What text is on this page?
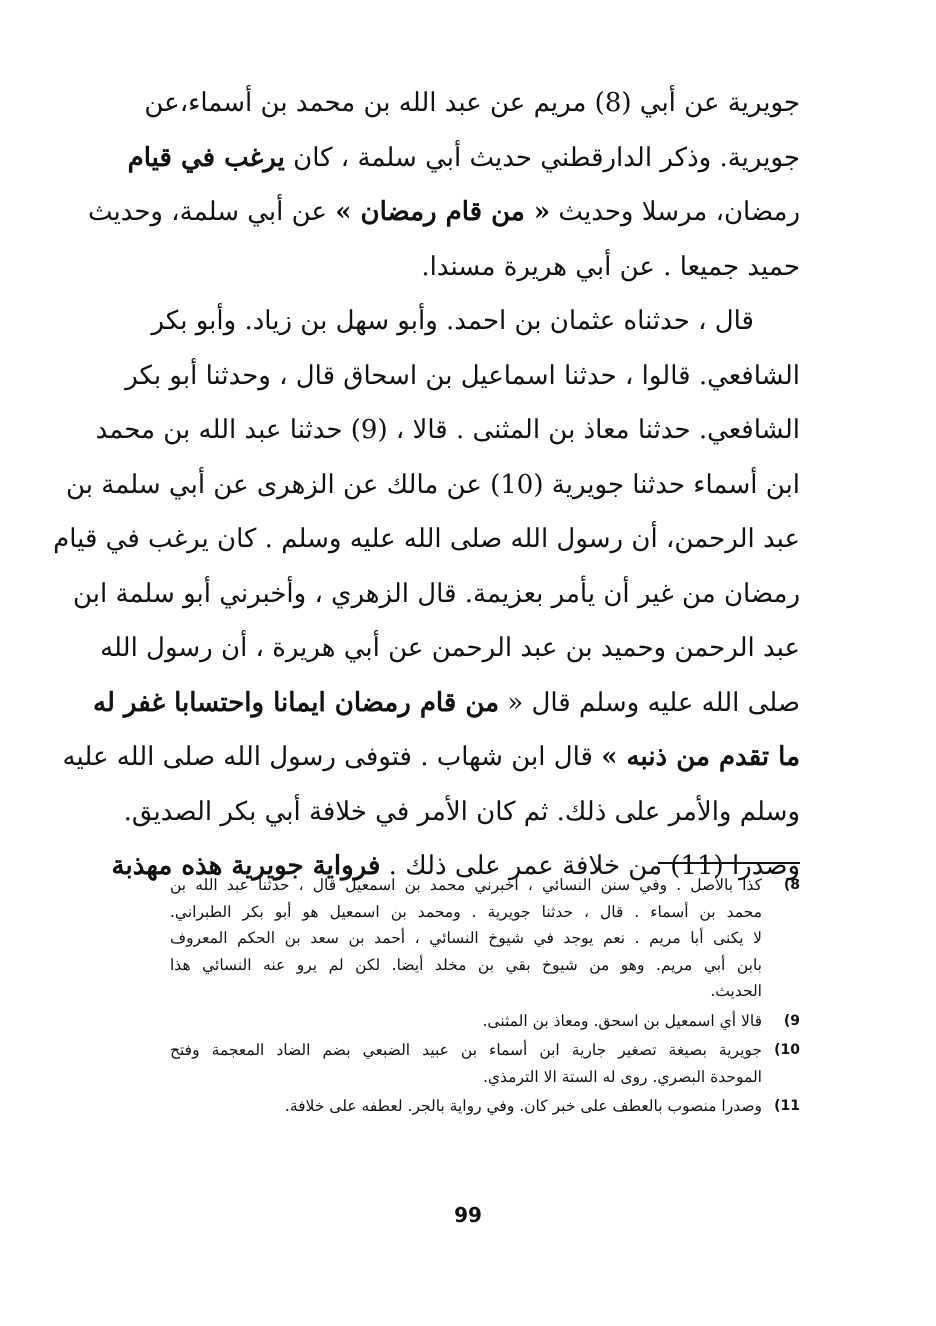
جويرية عن أبي (8) مريم عن عبد الله بن محمد بن أسماء،عن
جويرية. وذكر الدارقطني حديث أبي سلمة ، كان يرغب في قيام
رمضان، مرسلا وحديث « من قام رمضان » عن أبي سلمة، وحديث
حميد جميعا . عن أبي هريرة مسندا.
قال ، حدثناه عثمان بن احمد. وأبو سهل بن زياد. وأبو بكر
الشافعي. قالوا ، حدثنا اسماعيل بن اسحاق قال ، وحدثنا أبو بكر
الشافعي. حدثنا معاذ بن المثنى . قالا ، (9) حدثنا عبد الله بن محمد
ابن أسماء حدثنا جويرية (10) عن مالك عن الزهرى عن أبي سلمة بن
عبد الرحمن، أن رسول الله صلى الله عليه وسلم . كان يرغب في قيام
رمضان من غير أن يأمر بعزيمة. قال الزهري ، وأخبرني أبو سلمة ابن
عبد الرحمن وحميد بن عبد الرحمن عن أبي هريرة ، أن رسول الله
صلى الله عليه وسلم قال « من قام رمضان ايمانا واحتسابا غفر له
ما تقدم من ذنبه » قال ابن شهاب . فتوفى رسول الله صلى الله عليه
وسلم والأمر على ذلك. ثم كان الأمر في خلافة أبي بكر الصديق.
وصدرا (11) من خلافة عمر على ذلك . فرواية جويرية هذه مهذبة
8)
كذا بالأصل . وفي سنن النسائي ، أخبرني محمد بن اسمعيل قال ، حدثنا عبد الله بن
محمد بن أسماء . قال ، حدثنا جويرية . ومحمد بن اسمعيل هو أبو بكر الطبراني.
لا يكنى أبا مريم . نعم يوجد في شيوخ النسائي ، أحمد بن سعد بن الحكم المعروف
بابن أبي مريم. وهو من شيوخ بقي بن مخلد أيضا. لكن لم يرو عنه النسائي هذا
الحديث.
9)
قالا أي اسمعيل بن اسحق. ومعاذ بن المثنى.
10)
جويرية بصيغة تصغير جارية ابن أسماء بن عبيد الضبعي بضم الضاد المعجمة وفتح
الموحدة البصري. روى له الستة الا الترمذي.
11)
وصدرا منصوب بالعطف على خبر كان. وفي رواية بالجر. لعطفه على خلافة.
99
